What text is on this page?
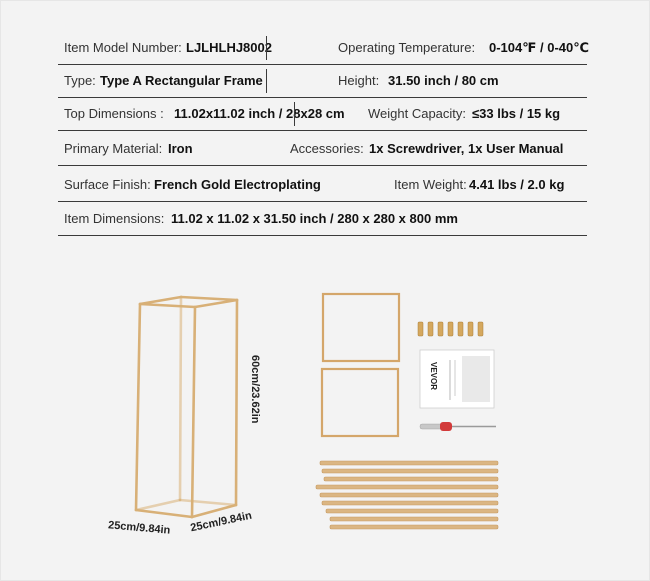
Item Model Number: LJLHLHJ8002	Operating Temperature: 0-104℉ / 0-40℃
Type: Type A Rectangular Frame	Height: 31.50 inch / 80 cm
Top Dimensions : 11.02x11.02 inch / 28x28 cm Weight Capacity: ≤33 lbs / 15 kg
Primary Material: Iron	Accessories: 1x Screwdriver, 1x User Manual
Surface Finish: French Gold Electroplating	Item Weight: 4.41 lbs / 2.0 kg
Item Dimensions: 11.02 x 11.02 x 31.50 inch / 280 x 280 x 800 mm
VEVOR
60cm/23.62in
25cm/9.84in 25cm/9.84in
